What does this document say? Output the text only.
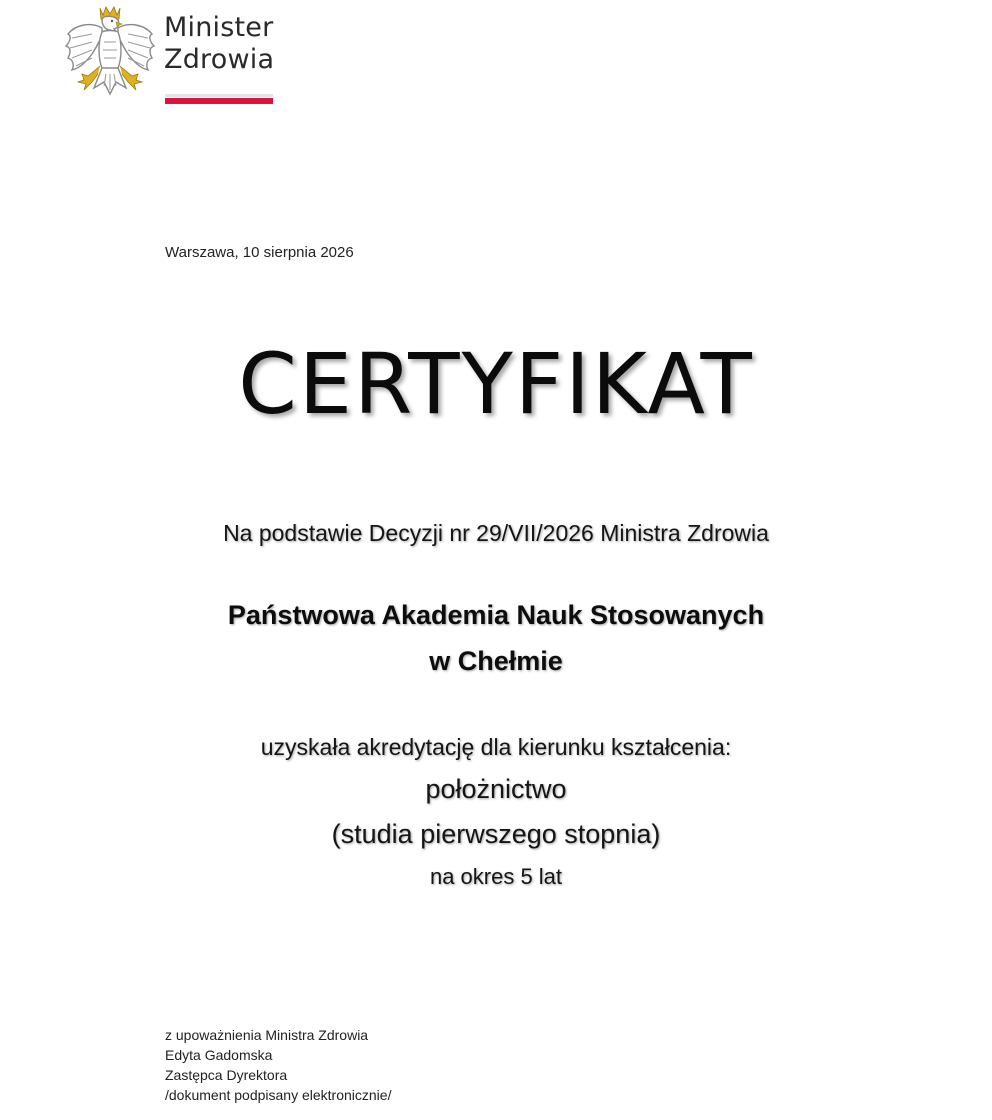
Minister
Zdrowia
Warszawa, 10 sierpnia 2026
CERTYFIKAT
Na podstawie Decyzji nr 29/VII/2026 Ministra Zdrowia
Państwowa Akademia Nauk Stosowanych
w Chełmie
uzyskała akredytację dla kierunku kształcenia:
położnictwo
(studia pierwszego stopnia)
na okres 5 lat
z upoważnienia Ministra Zdrowia
Edyta Gadomska
Zastępca Dyrektora
/dokument podpisany elektronicznie/
